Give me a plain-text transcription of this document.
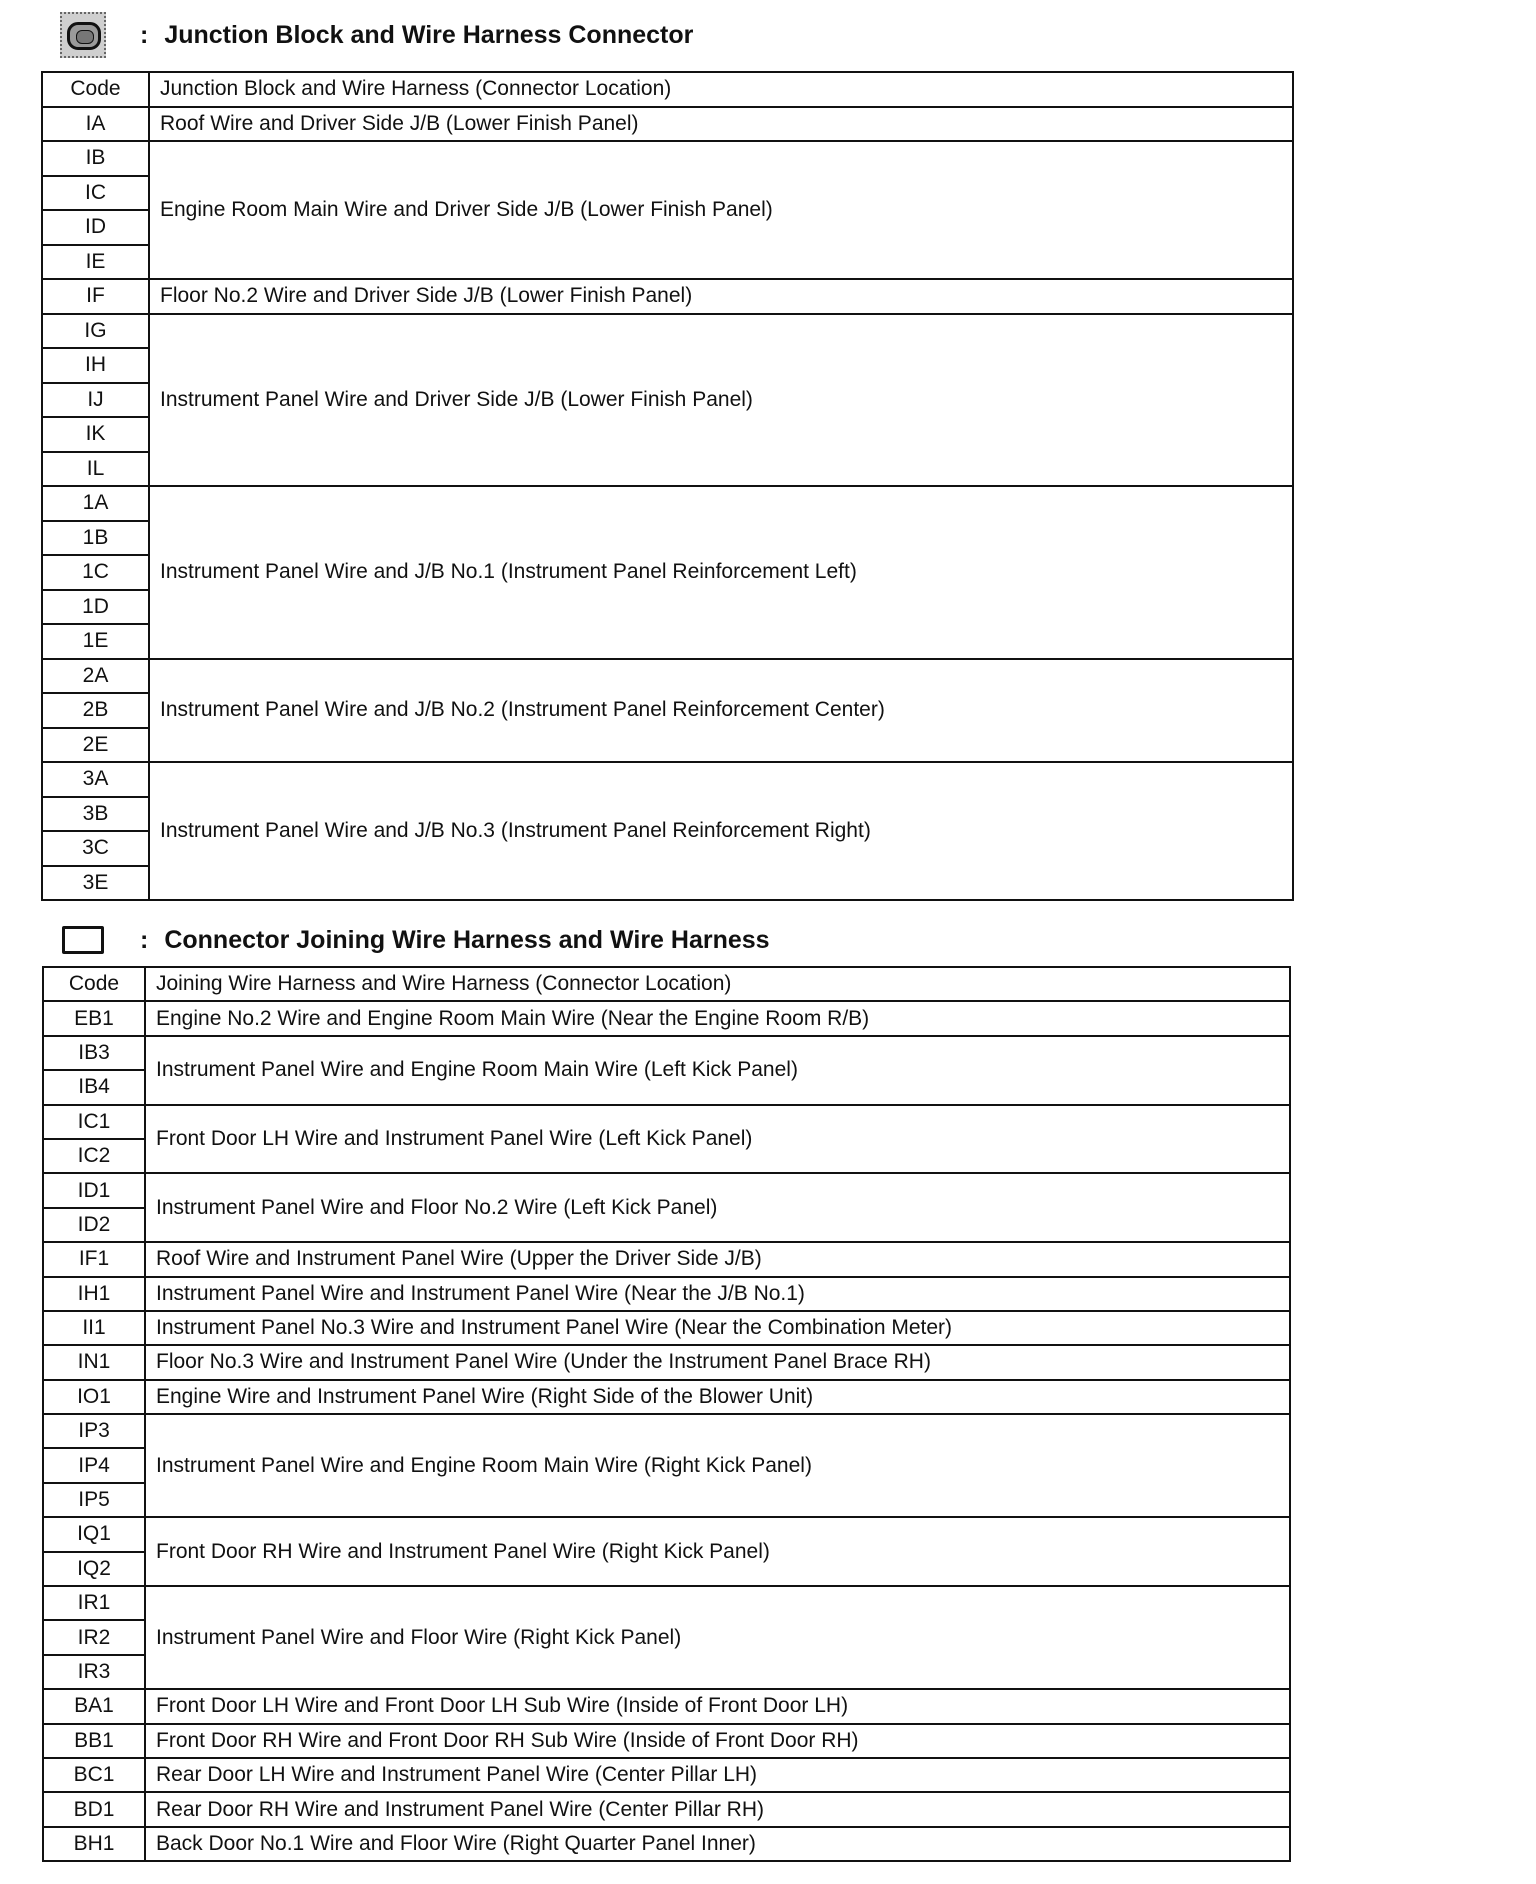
: Junction Block and Wire Harness Connector
Code	Junction Block and Wire Harness (Connector Location)
IA	Roof Wire and Driver Side J/B (Lower Finish Panel)
IB	Engine Room Main Wire and Driver Side J/B (Lower Finish Panel)
IC	
ID	
IE	
IF	Floor No.2 Wire and Driver Side J/B (Lower Finish Panel)
IG	Instrument Panel Wire and Driver Side J/B (Lower Finish Panel)
IH	
IJ	
IK	
IL	
1A	Instrument Panel Wire and J/B No.1 (Instrument Panel Reinforcement Left)
1B	
1C	
1D	
1E	
2A	Instrument Panel Wire and J/B No.2 (Instrument Panel Reinforcement Center)
2B	
2E	
3A	Instrument Panel Wire and J/B No.3 (Instrument Panel Reinforcement Right)
3B	
3C	
3E	
: Connector Joining Wire Harness and Wire Harness
Code	Joining Wire Harness and Wire Harness (Connector Location)
EB1	Engine No.2 Wire and Engine Room Main Wire (Near the Engine Room R/B)
IB3	Instrument Panel Wire and Engine Room Main Wire (Left Kick Panel)
IB4	
IC1	Front Door LH Wire and Instrument Panel Wire (Left Kick Panel)
IC2	
ID1	Instrument Panel Wire and Floor No.2 Wire (Left Kick Panel)
ID2	
IF1	Roof Wire and Instrument Panel Wire (Upper the Driver Side J/B)
IH1	Instrument Panel Wire and Instrument Panel Wire (Near the J/B No.1)
II1	Instrument Panel No.3 Wire and Instrument Panel Wire (Near the Combination Meter)
IN1	Floor No.3 Wire and Instrument Panel Wire (Under the Instrument Panel Brace RH)
IO1	Engine Wire and Instrument Panel Wire (Right Side of the Blower Unit)
IP3	Instrument Panel Wire and Engine Room Main Wire (Right Kick Panel)
IP4	
IP5	
IQ1	Front Door RH Wire and Instrument Panel Wire (Right Kick Panel)
IQ2	
IR1	Instrument Panel Wire and Floor Wire (Right Kick Panel)
IR2	
IR3	
BA1	Front Door LH Wire and Front Door LH Sub Wire (Inside of Front Door LH)
BB1	Front Door RH Wire and Front Door RH Sub Wire (Inside of Front Door RH)
BC1	Rear Door LH Wire and Instrument Panel Wire (Center Pillar LH)
BD1	Rear Door RH Wire and Instrument Panel Wire (Center Pillar RH)
BH1	Back Door No.1 Wire and Floor Wire (Right Quarter Panel Inner)
